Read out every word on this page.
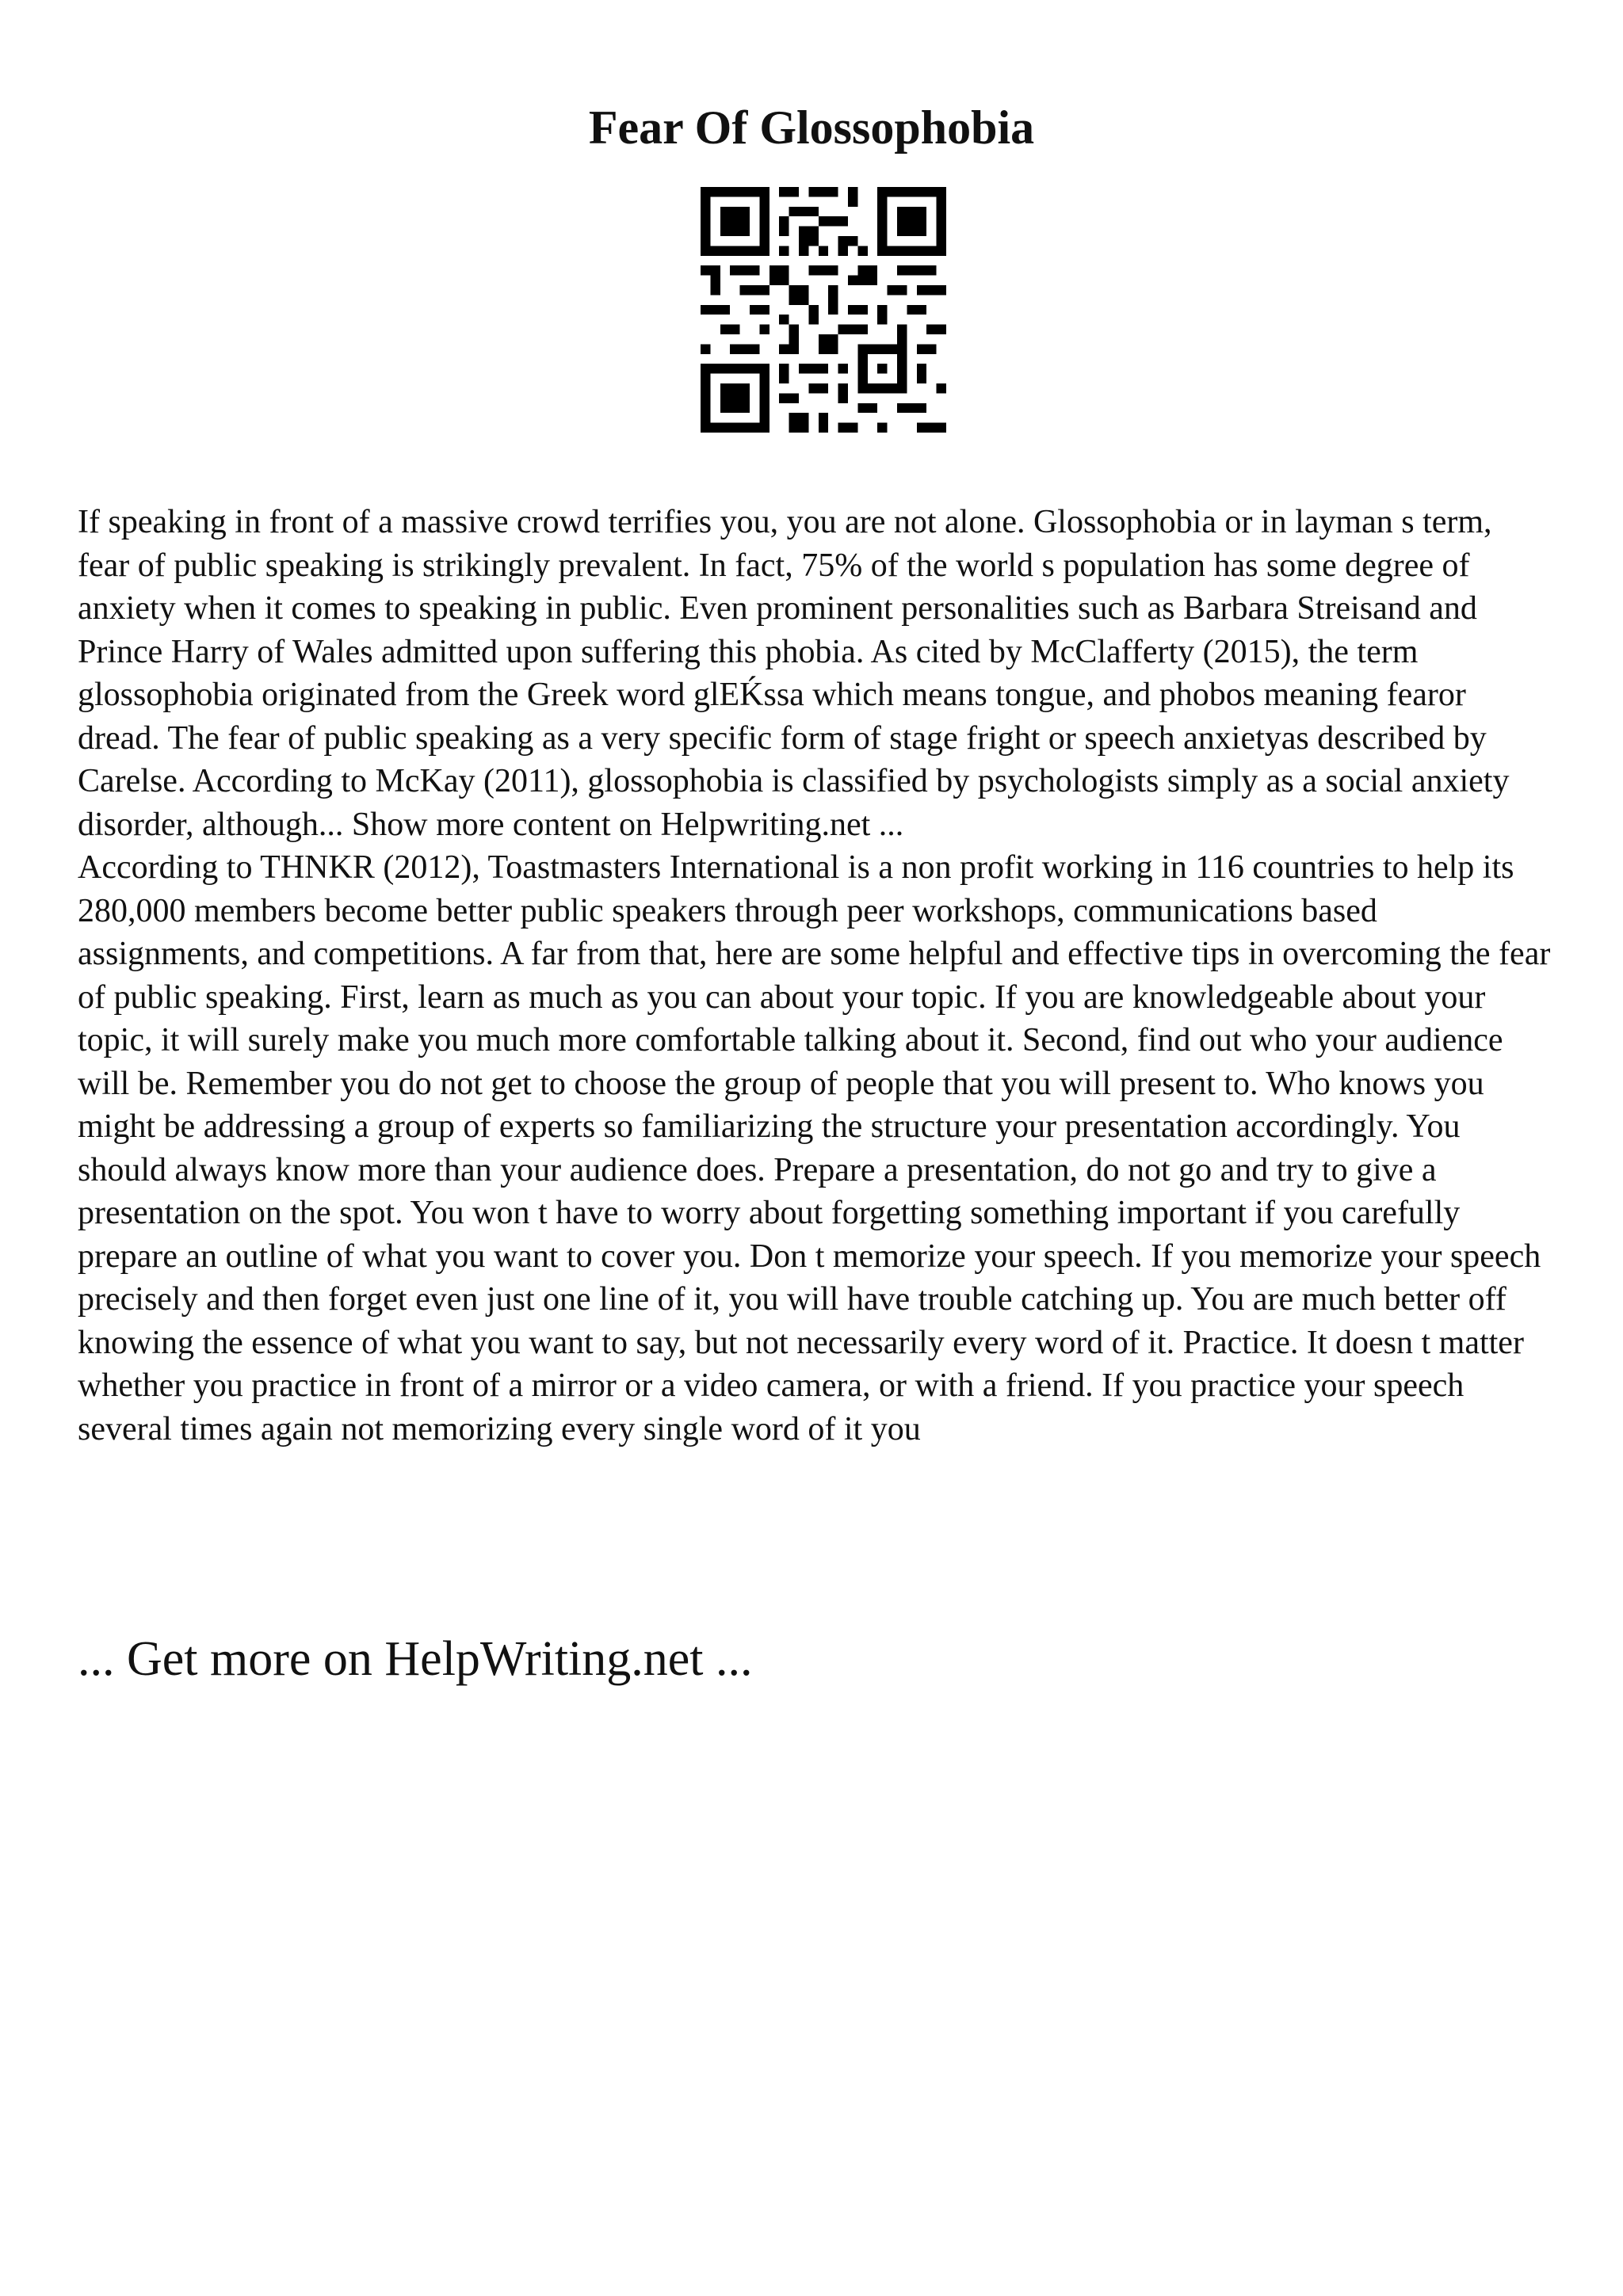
Fear Of Glossophobia

If speaking in front of a massive crowd terrifies you, you are not alone. Glossophobia or in layman s term, fear of public speaking is strikingly prevalent. In fact, 75% of the world s population has some degree of anxiety when it comes to speaking in public. Even prominent personalities such as Barbara Streisand and Prince Harry of Wales admitted upon suffering this phobia. As cited by McClafferty (2015), the term glossophobia originated from the Greek word glEḰssa which means tongue, and phobos meaning fearor dread. The fear of public speaking as a very specific form of stage fright or speech anxietyas described by Carelse. According to McKay (2011), glossophobia is classified by psychologists simply as a social anxiety disorder, although... Show more content on Helpwriting.net ...

According to THNKR (2012), Toastmasters International is a non profit working in 116 countries to help its 280,000 members become better public speakers through peer workshops, communications based assignments, and competitions. A far from that, here are some helpful and effective tips in overcoming the fear of public speaking. First, learn as much as you can about your topic. If you are knowledgeable about your topic, it will surely make you much more comfortable talking about it. Second, find out who your audience will be. Remember you do not get to choose the group of people that you will present to. Who knows you might be addressing a group of experts so familiarizing the structure your presentation accordingly. You should always know more than your audience does. Prepare a presentation, do not go and try to give a presentation on the spot. You won t have to worry about forgetting something important if you carefully prepare an outline of what you want to cover you. Don t memorize your speech. If you memorize your speech precisely and then forget even just one line of it, you will have trouble catching up. You are much better off knowing the essence of what you want to say, but not necessarily every word of it. Practice. It doesn t matter whether you practice in front of a mirror or a video camera, or with a friend. If you practice your speech several times again not memorizing every single word of it you

... Get more on HelpWriting.net ...
